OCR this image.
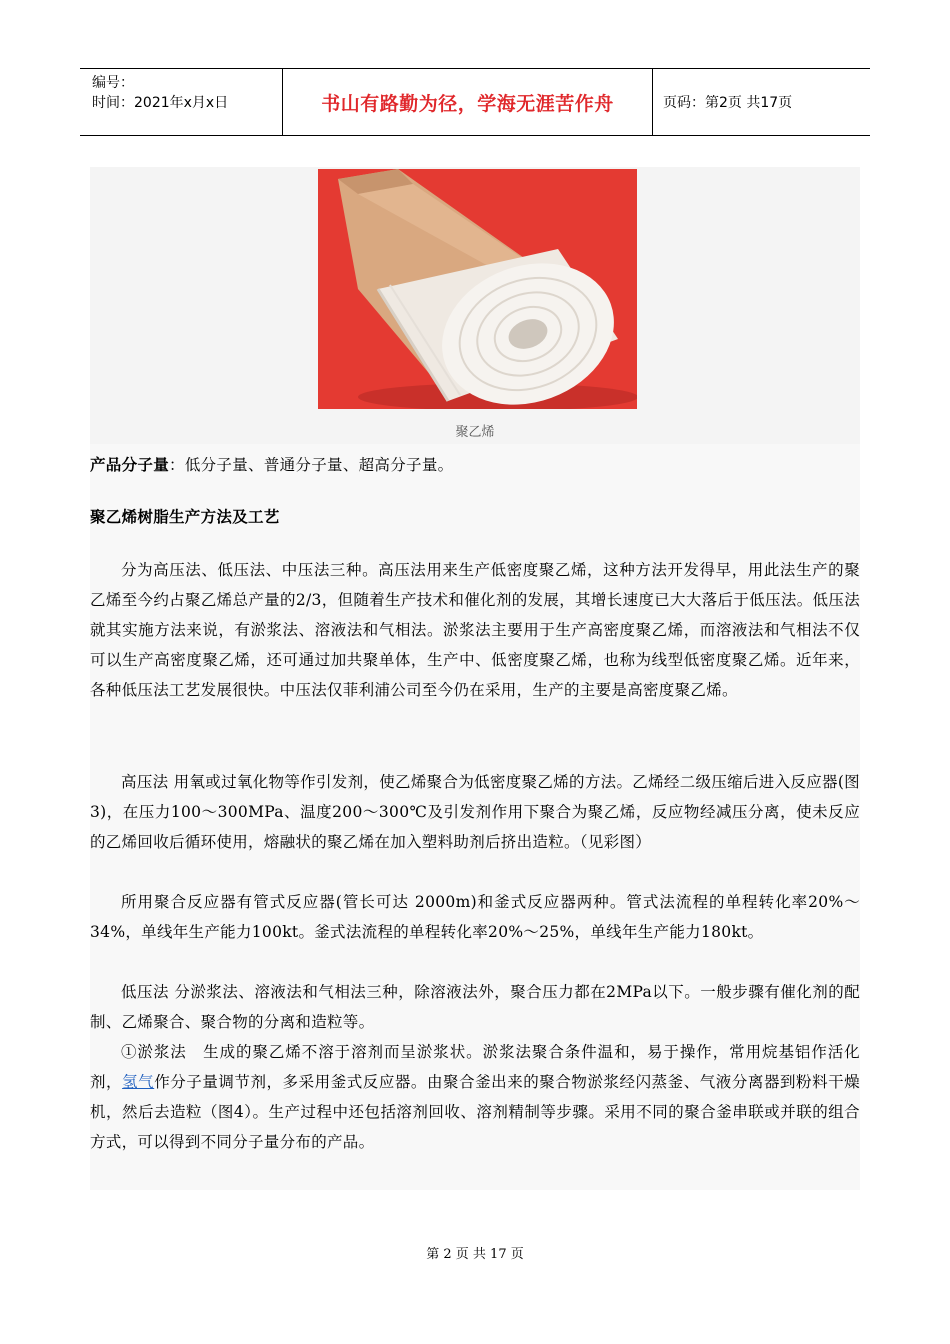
编号：
时间：2021年x月x日	书山有路勤为径，学海无涯苦作舟	页码：第2页 共17页
聚乙烯

产品分子量：低分子量、普通分子量、超高分子量。

聚乙烯树脂生产方法及工艺

分为高压法、低压法、中压法三种。高压法用来生产低密度聚乙烯，这种方法开发得早，用此法生产的聚乙烯至今约占聚乙烯总产量的2/3，但随着生产技术和催化剂的发展，其增长速度已大大落后于低压法。低压法就其实施方法来说，有淤浆法、溶液法和气相法。淤浆法主要用于生产高密度聚乙烯，而溶液法和气相法不仅可以生产高密度聚乙烯，还可通过加共聚单体，生产中、低密度聚乙烯，也称为线型低密度聚乙烯。近年来，各种低压法工艺发展很快。中压法仅菲利浦公司至今仍在采用，生产的主要是高密度聚乙烯。

高压法 用氧或过氧化物等作引发剂，使乙烯聚合为低密度聚乙烯的方法。乙烯经二级压缩后进入反应器(图3)，在压力100～300MPa、温度200～300℃及引发剂作用下聚合为聚乙烯，反应物经减压分离，使未反应的乙烯回收后循环使用，熔融状的聚乙烯在加入塑料助剂后挤出造粒。（见彩图）

所用聚合反应器有管式反应器(管长可达 2000m)和釜式反应器两种。管式法流程的单程转化率20%～34%，单线年生产能力100kt。釜式法流程的单程转化率20%～25%，单线年生产能力180kt。

低压法 分淤浆法、溶液法和气相法三种，除溶液法外，聚合压力都在2MPa以下。一般步骤有催化剂的配制、乙烯聚合、聚合物的分离和造粒等。

①淤浆法　生成的聚乙烯不溶于溶剂而呈淤浆状。淤浆法聚合条件温和，易于操作，常用烷基铝作活化剂，氢气作分子量调节剂，多采用釜式反应器。由聚合釜出来的聚合物淤浆经闪蒸釜、气液分离器到粉料干燥机，然后去造粒（图4）。生产过程中还包括溶剂回收、溶剂精制等步骤。采用不同的聚合釜串联或并联的组合方式，可以得到不同分子量分布的产品。

第 2 页 共 17 页
